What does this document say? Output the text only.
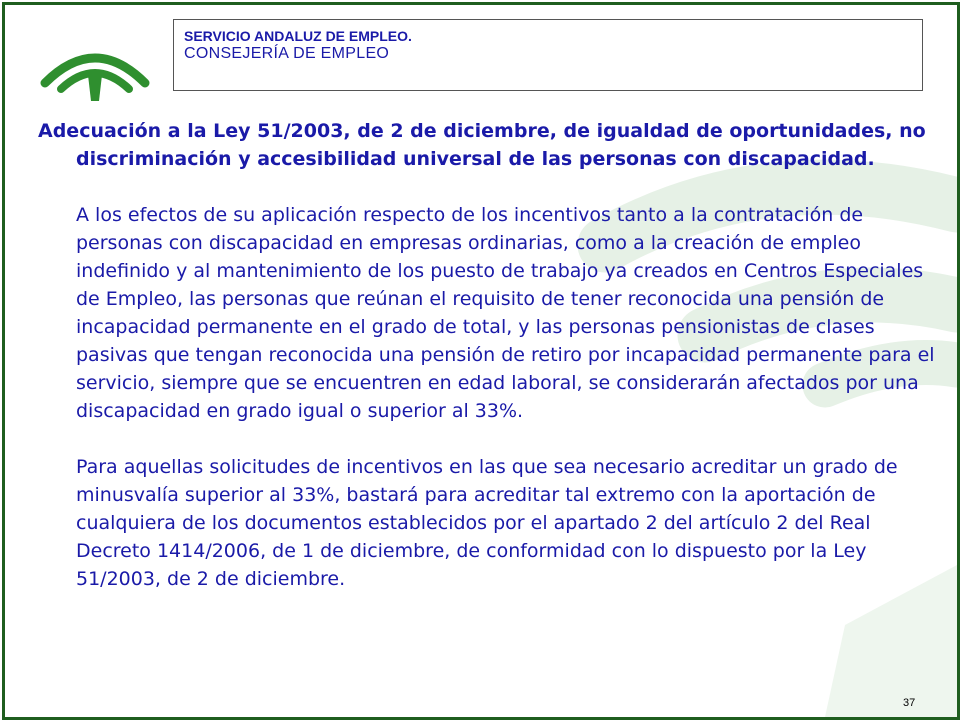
SERVICIO ANDALUZ DE EMPLEO.
CONSEJERÍA DE EMPLEO

Adecuación a la Ley 51/2003, de 2 de diciembre, de igualdad de oportunidades, no discriminación y accesibilidad universal de las personas con discapacidad.

A los efectos de su aplicación respecto de los incentivos tanto a la contratación de personas con discapacidad en empresas ordinarias, como a la creación de empleo indefinido y al mantenimiento de los puesto de trabajo ya creados en Centros Especiales de Empleo, las personas que reúnan el requisito de tener reconocida una pensión de incapacidad permanente en el grado de total, y las personas pensionistas de clases pasivas que tengan reconocida una pensión de retiro por incapacidad permanente para el servicio, siempre que se encuentren en edad laboral, se considerarán afectados por una discapacidad en grado igual o superior al 33%.

Para aquellas solicitudes de incentivos en las que sea necesario acreditar un grado de minusvalía superior al 33%, bastará para acreditar tal extremo con la aportación de cualquiera de los documentos establecidos por el apartado 2 del artículo 2 del Real Decreto 1414/2006, de 1 de diciembre, de conformidad con lo dispuesto por la Ley 51/2003, de 2 de diciembre.

37
